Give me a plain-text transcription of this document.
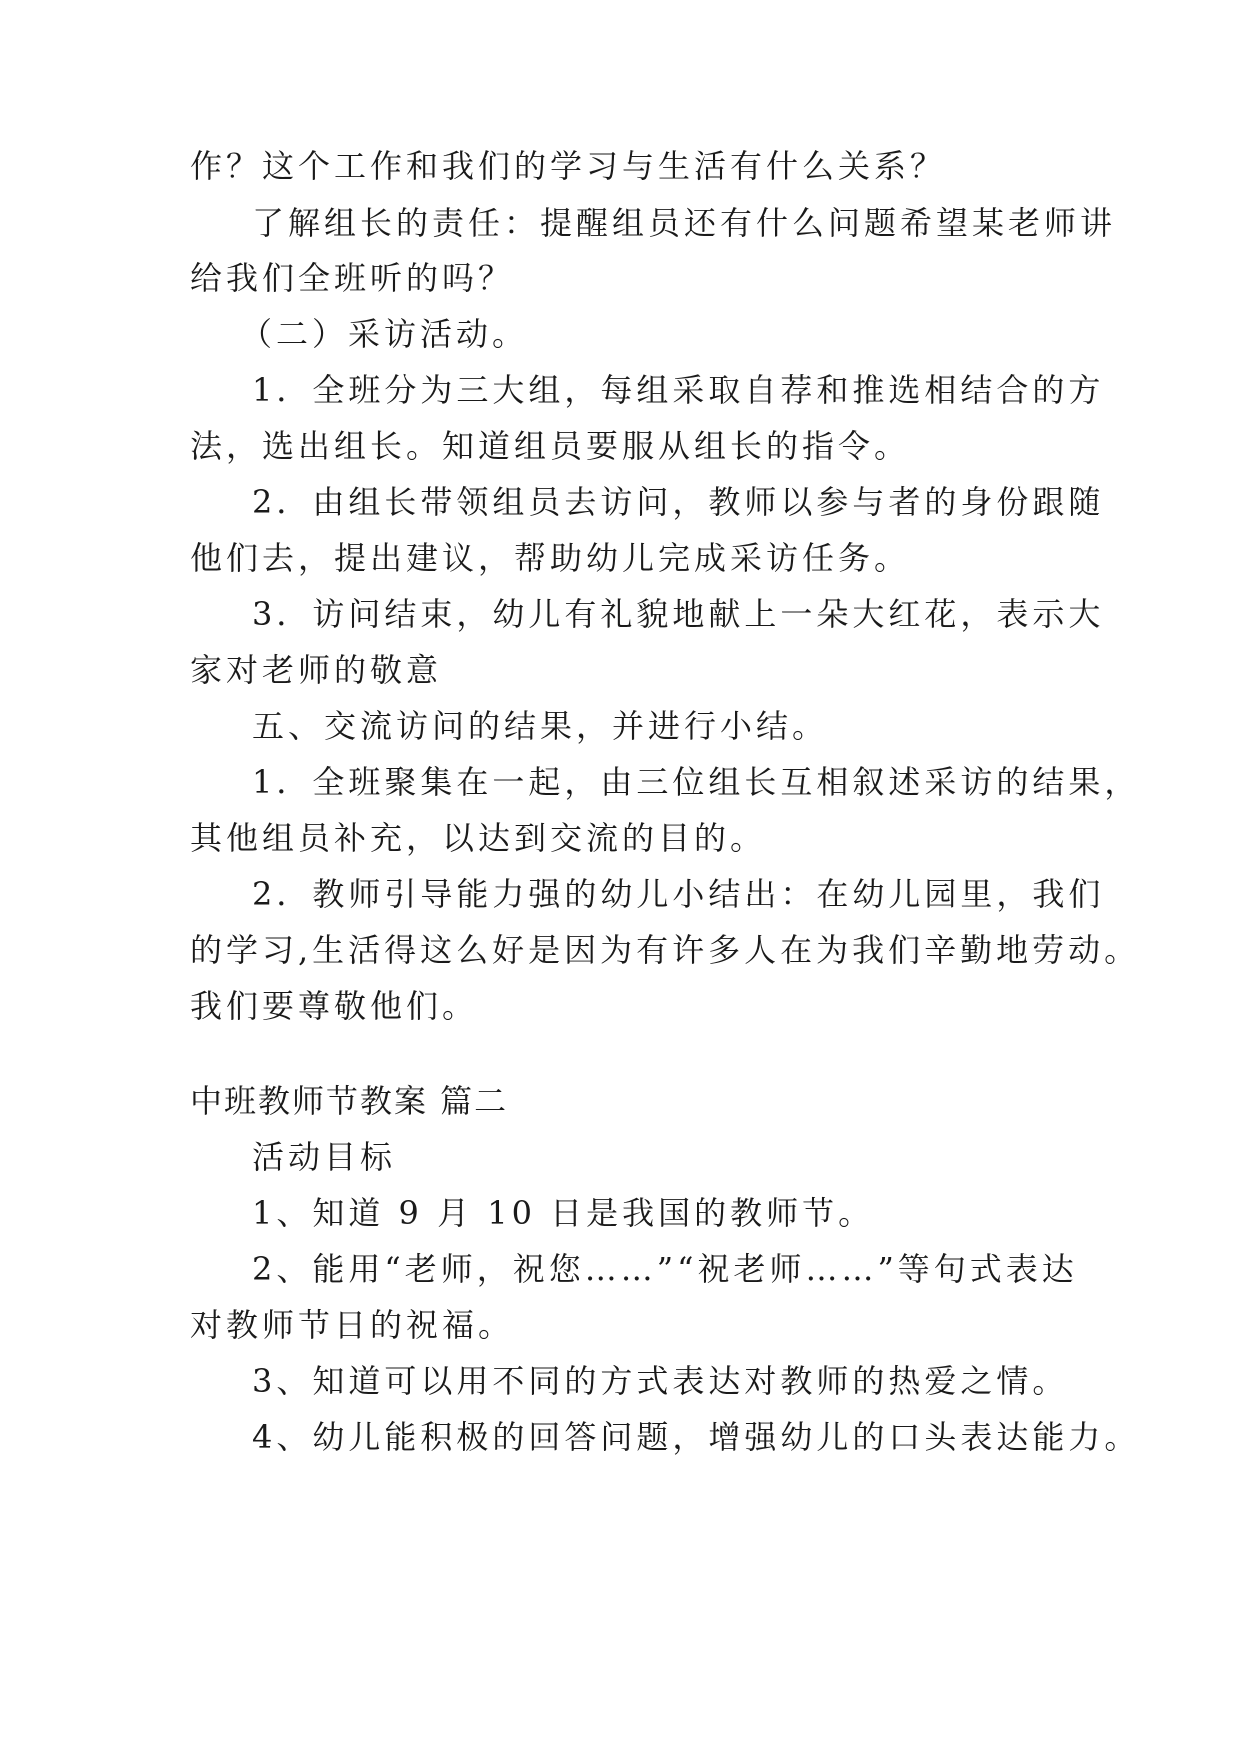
作？这个工作和我们的学习与生活有什么关系？
了解组长的责任：提醒组员还有什么问题希望某老师讲
给我们全班听的吗？
（二）采访活动。
1．全班分为三大组，每组采取自荐和推选相结合的方
法，选出组长。知道组员要服从组长的指令。
2．由组长带领组员去访问，教师以参与者的身份跟随
他们去，提出建议，帮助幼儿完成采访任务。
3．访问结束，幼儿有礼貌地献上一朵大红花，表示大
家对老师的敬意
五、交流访问的结果，并进行小结。
1．全班聚集在一起，由三位组长互相叙述采访的结果，
其他组员补充，以达到交流的目的。
2．教师引导能力强的幼儿小结出：在幼儿园里，我们
的学习,生活得这么好是因为有许多人在为我们辛勤地劳动。
我们要尊敬他们。
中班教师节教案 篇二
活动目标
1、知道 9 月 10 日是我国的教师节。
2、能用“老师，祝您……”“祝老师……”等句式表达
对教师节日的祝福。
3、知道可以用不同的方式表达对教师的热爱之情。
4、幼儿能积极的回答问题，增强幼儿的口头表达能力。
